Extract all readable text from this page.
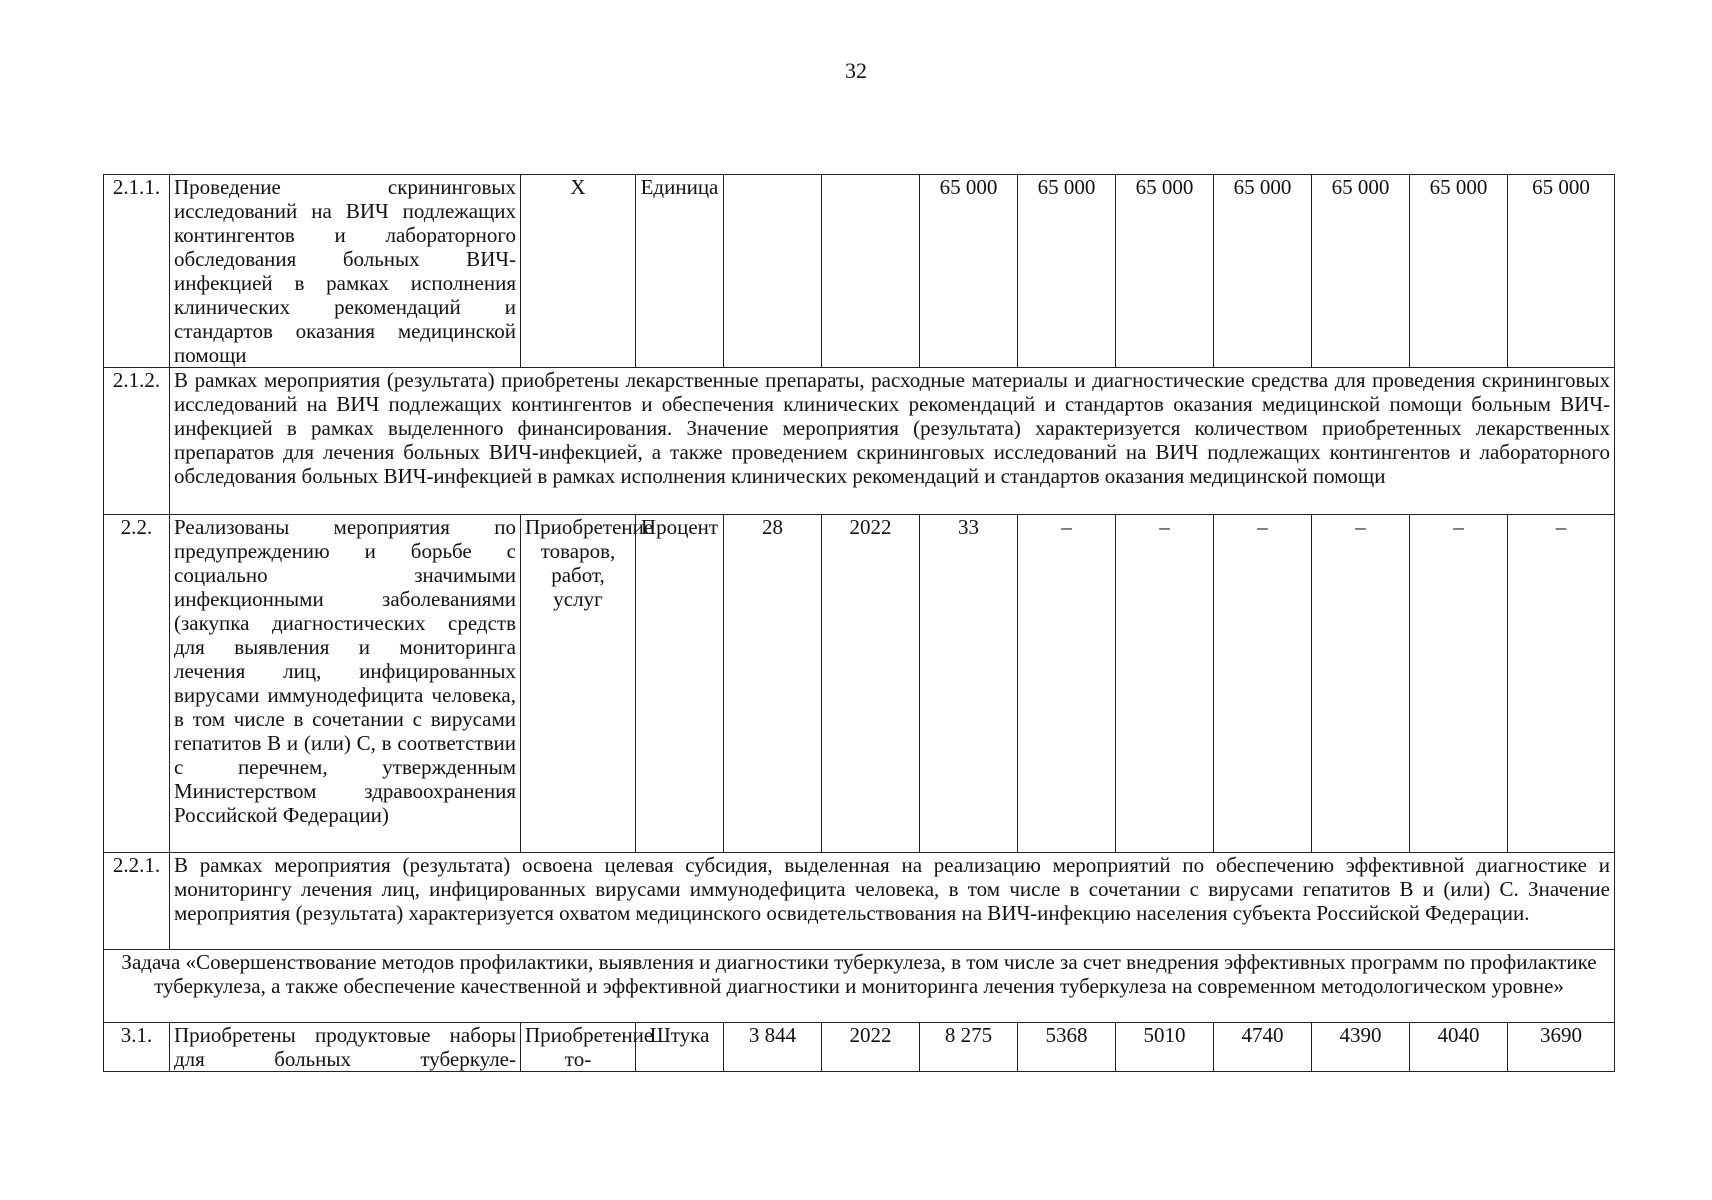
32
2.1.1.	Проведение скрининговых исследований на ВИЧ подлежащих контингентов и лабораторного обследования больных ВИЧ-инфекцией в рамках исполнения клинических рекомендаций и стандартов оказания медицинской помощи	X	Единица			65 000	65 000	65 000	65 000	65 000	65 000	65 000
2.1.2.	В рамках мероприятия (результата) приобретены лекарственные препараты, расходные материалы и диагностические средства для проведения скрининговых исследований на ВИЧ подлежащих контингентов и обеспечения клинических рекомендаций и стандартов оказания медицинской помощи больным ВИЧ-инфекцией в рамках выделенного финансирования. Значение мероприятия (результата) характеризуется количеством приобретенных лекарственных препаратов для лечения больных ВИЧ-инфекцией, а также проведением скрининговых исследований на ВИЧ подлежащих контингентов и лабораторного обследования больных ВИЧ-инфекцией в рамках исполнения клинических рекомендаций и стандартов оказания медицинской помощи											
2.2.	Реализованы мероприятия по предупреждению и борьбе с социально значимыми инфекционными заболеваниями (закупка диагностических средств для выявления и мониторинга лечения лиц, инфицированных вирусами иммунодефицита человека, в том числе в сочетании с вирусами гепатитов В и (или) С, в соответствии с перечнем, утвержденным Министерством здравоохранения Российской Федерации)	Приобретение товаров, работ, услуг	Процент	28	2022	33	–	–	–	–	–	–
2.2.1.	В рамках мероприятия (результата) освоена целевая субсидия, выделенная на реализацию мероприятий по обеспечению эффективной диагностике и мониторингу лечения лиц, инфицированных вирусами иммунодефицита человека, в том числе в сочетании с вирусами гепатитов В и (или) С. Значение мероприятия (результата) характеризуется охватом медицинского освидетельствования на ВИЧ-инфекцию населения субъекта Российской Федерации.											
Задача «Совершенствование методов профилактики, выявления и диагностики туберкулеза, в том числе за счет внедрения эффективных программ по профилактике туберкулеза, а также обеспечение качественной и эффективной диагностики и мониторинга лечения туберкулеза на современном методологическом уровне»												
3.1.	Приобретены продуктовые наборы для больных туберкуле-	Приобретение то-	Штука	3 844	2022	8 275	5368	5010	4740	4390	4040	3690
